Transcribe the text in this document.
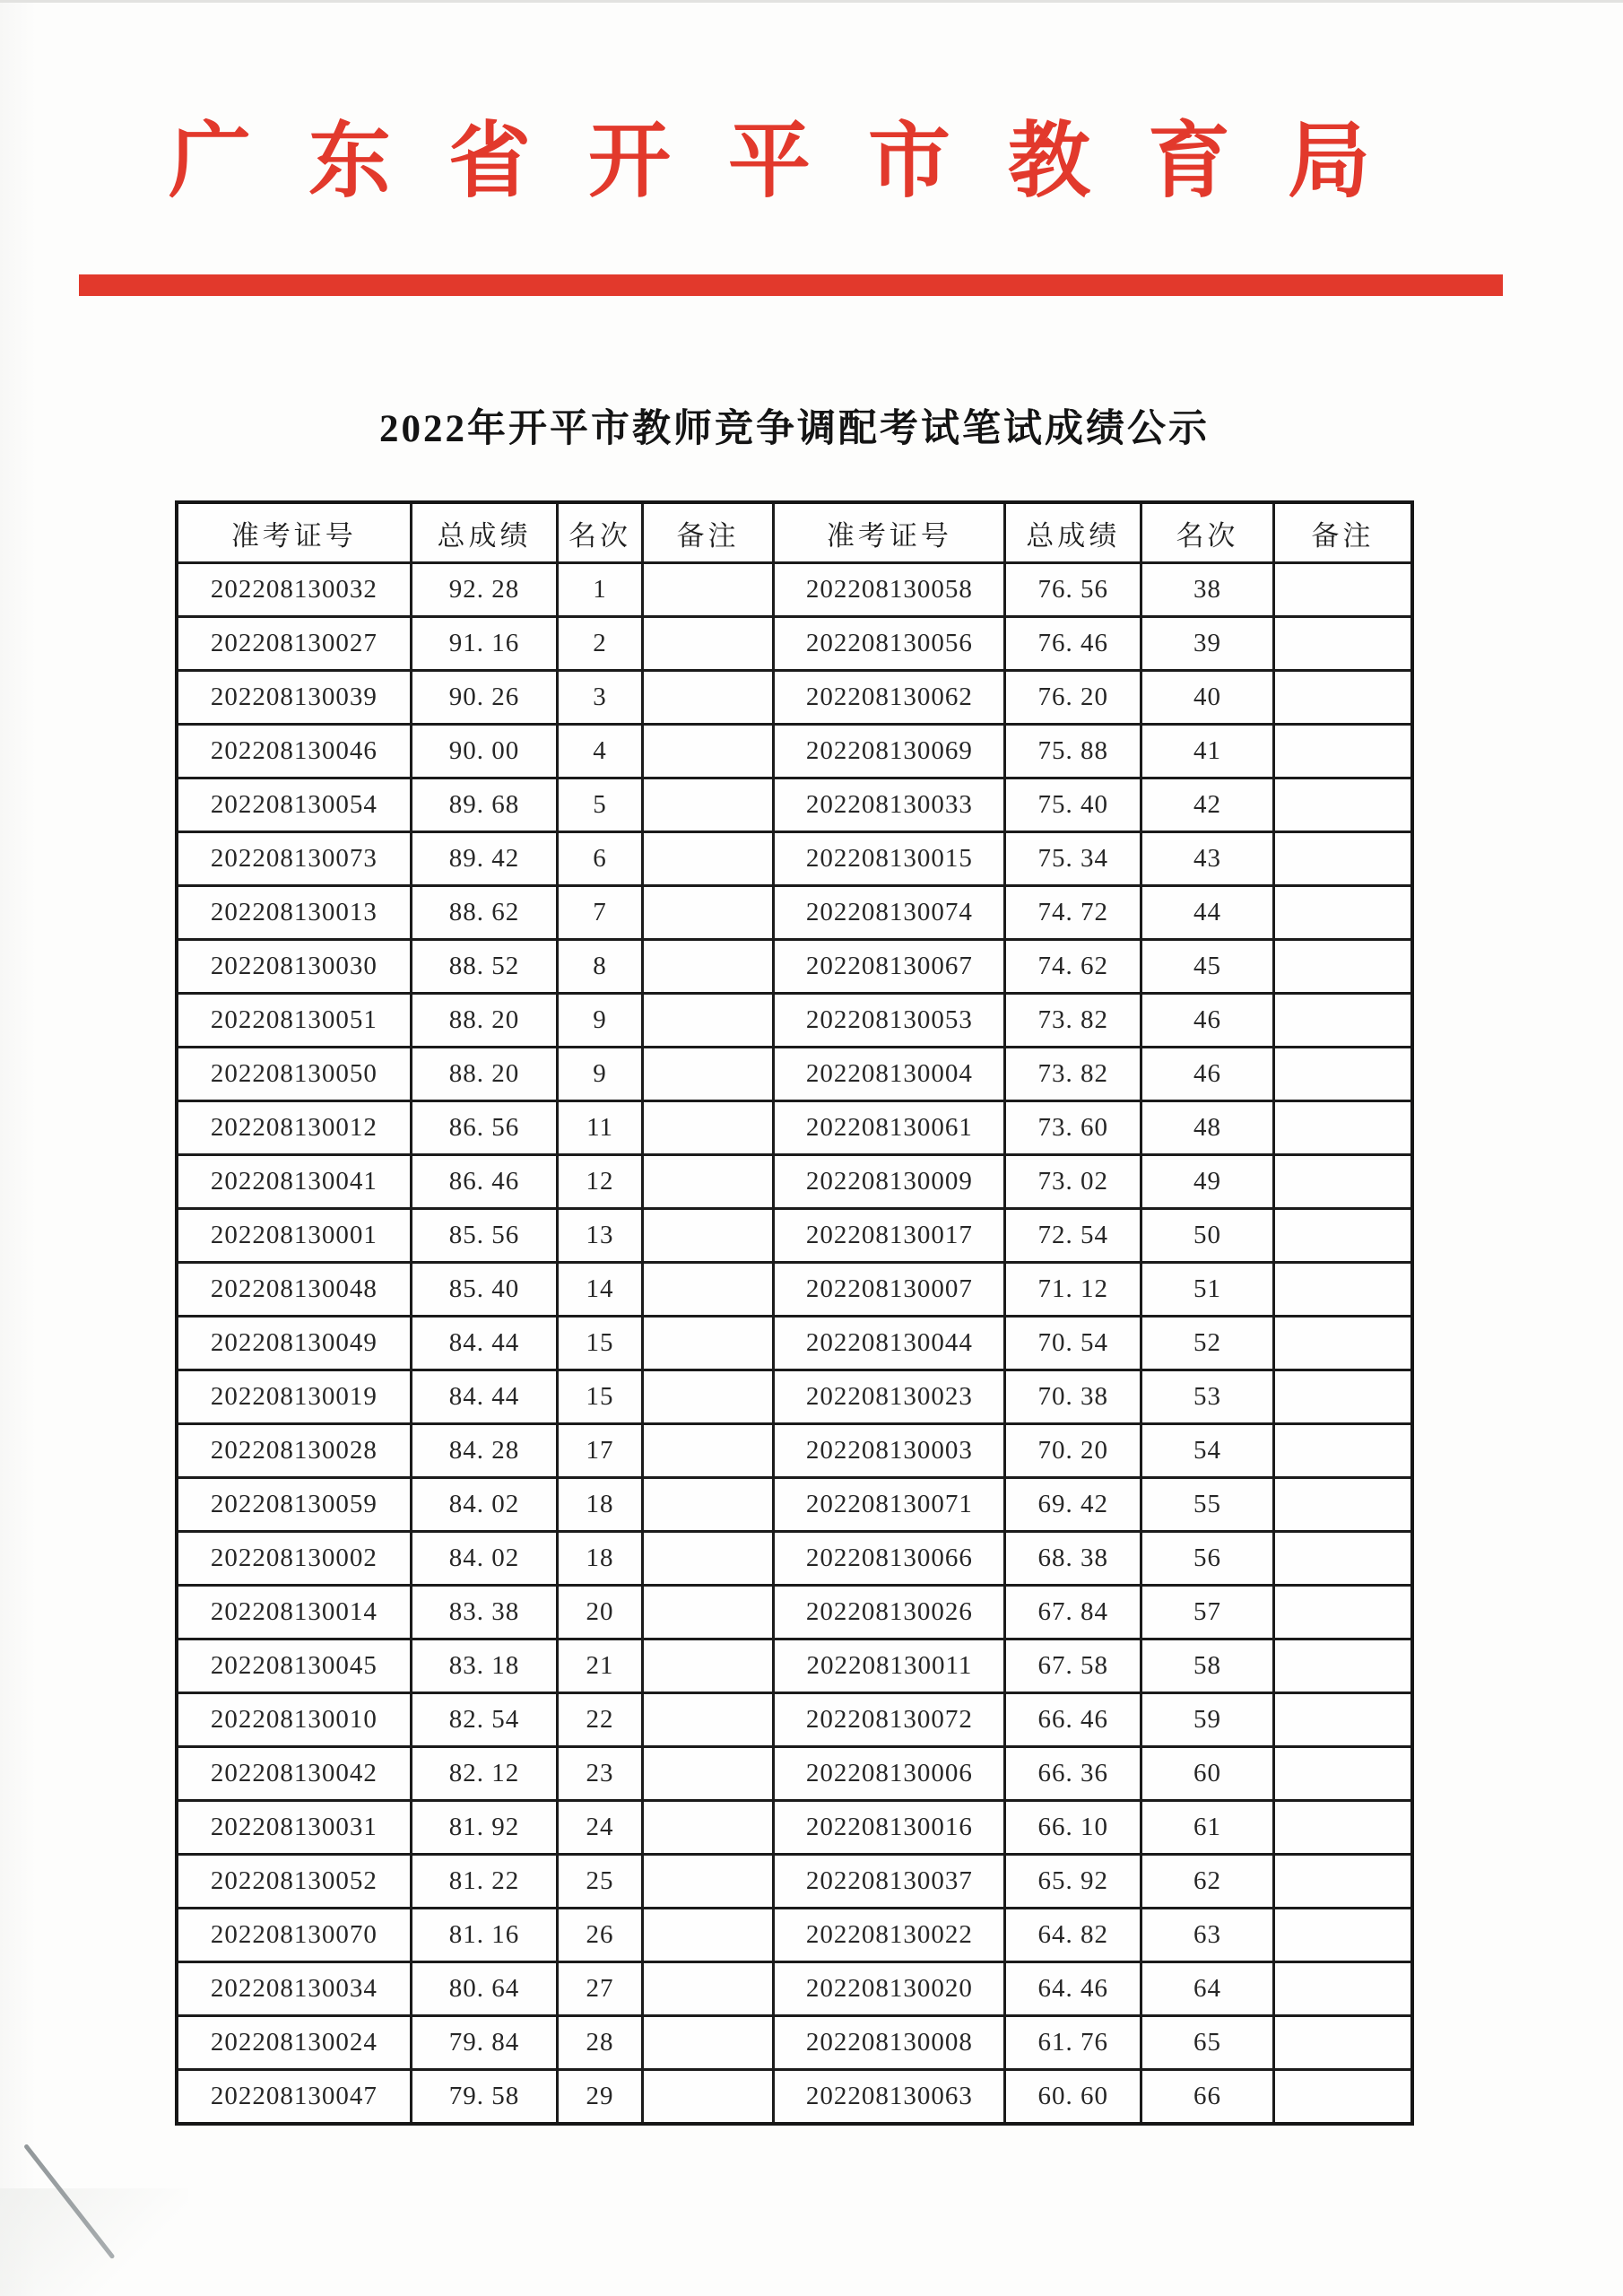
广东省开平市教育局
2022年开平市教师竞争调配考试笔试成绩公示
准考证号	总成绩	名次	备注	准考证号	总成绩	名次	备注
202208130032	92. 28	1		202208130058	76. 56	38	
202208130027	91. 16	2		202208130056	76. 46	39	
202208130039	90. 26	3		202208130062	76. 20	40	
202208130046	90. 00	4		202208130069	75. 88	41	
202208130054	89. 68	5		202208130033	75. 40	42	
202208130073	89. 42	6		202208130015	75. 34	43	
202208130013	88. 62	7		202208130074	74. 72	44	
202208130030	88. 52	8		202208130067	74. 62	45	
202208130051	88. 20	9		202208130053	73. 82	46	
202208130050	88. 20	9		202208130004	73. 82	46	
202208130012	86. 56	11		202208130061	73. 60	48	
202208130041	86. 46	12		202208130009	73. 02	49	
202208130001	85. 56	13		202208130017	72. 54	50	
202208130048	85. 40	14		202208130007	71. 12	51	
202208130049	84. 44	15		202208130044	70. 54	52	
202208130019	84. 44	15		202208130023	70. 38	53	
202208130028	84. 28	17		202208130003	70. 20	54	
202208130059	84. 02	18		202208130071	69. 42	55	
202208130002	84. 02	18		202208130066	68. 38	56	
202208130014	83. 38	20		202208130026	67. 84	57	
202208130045	83. 18	21		202208130011	67. 58	58	
202208130010	82. 54	22		202208130072	66. 46	59	
202208130042	82. 12	23		202208130006	66. 36	60	
202208130031	81. 92	24		202208130016	66. 10	61	
202208130052	81. 22	25		202208130037	65. 92	62	
202208130070	81. 16	26		202208130022	64. 82	63	
202208130034	80. 64	27		202208130020	64. 46	64	
202208130024	79. 84	28		202208130008	61. 76	65	
202208130047	79. 58	29		202208130063	60. 60	66	
